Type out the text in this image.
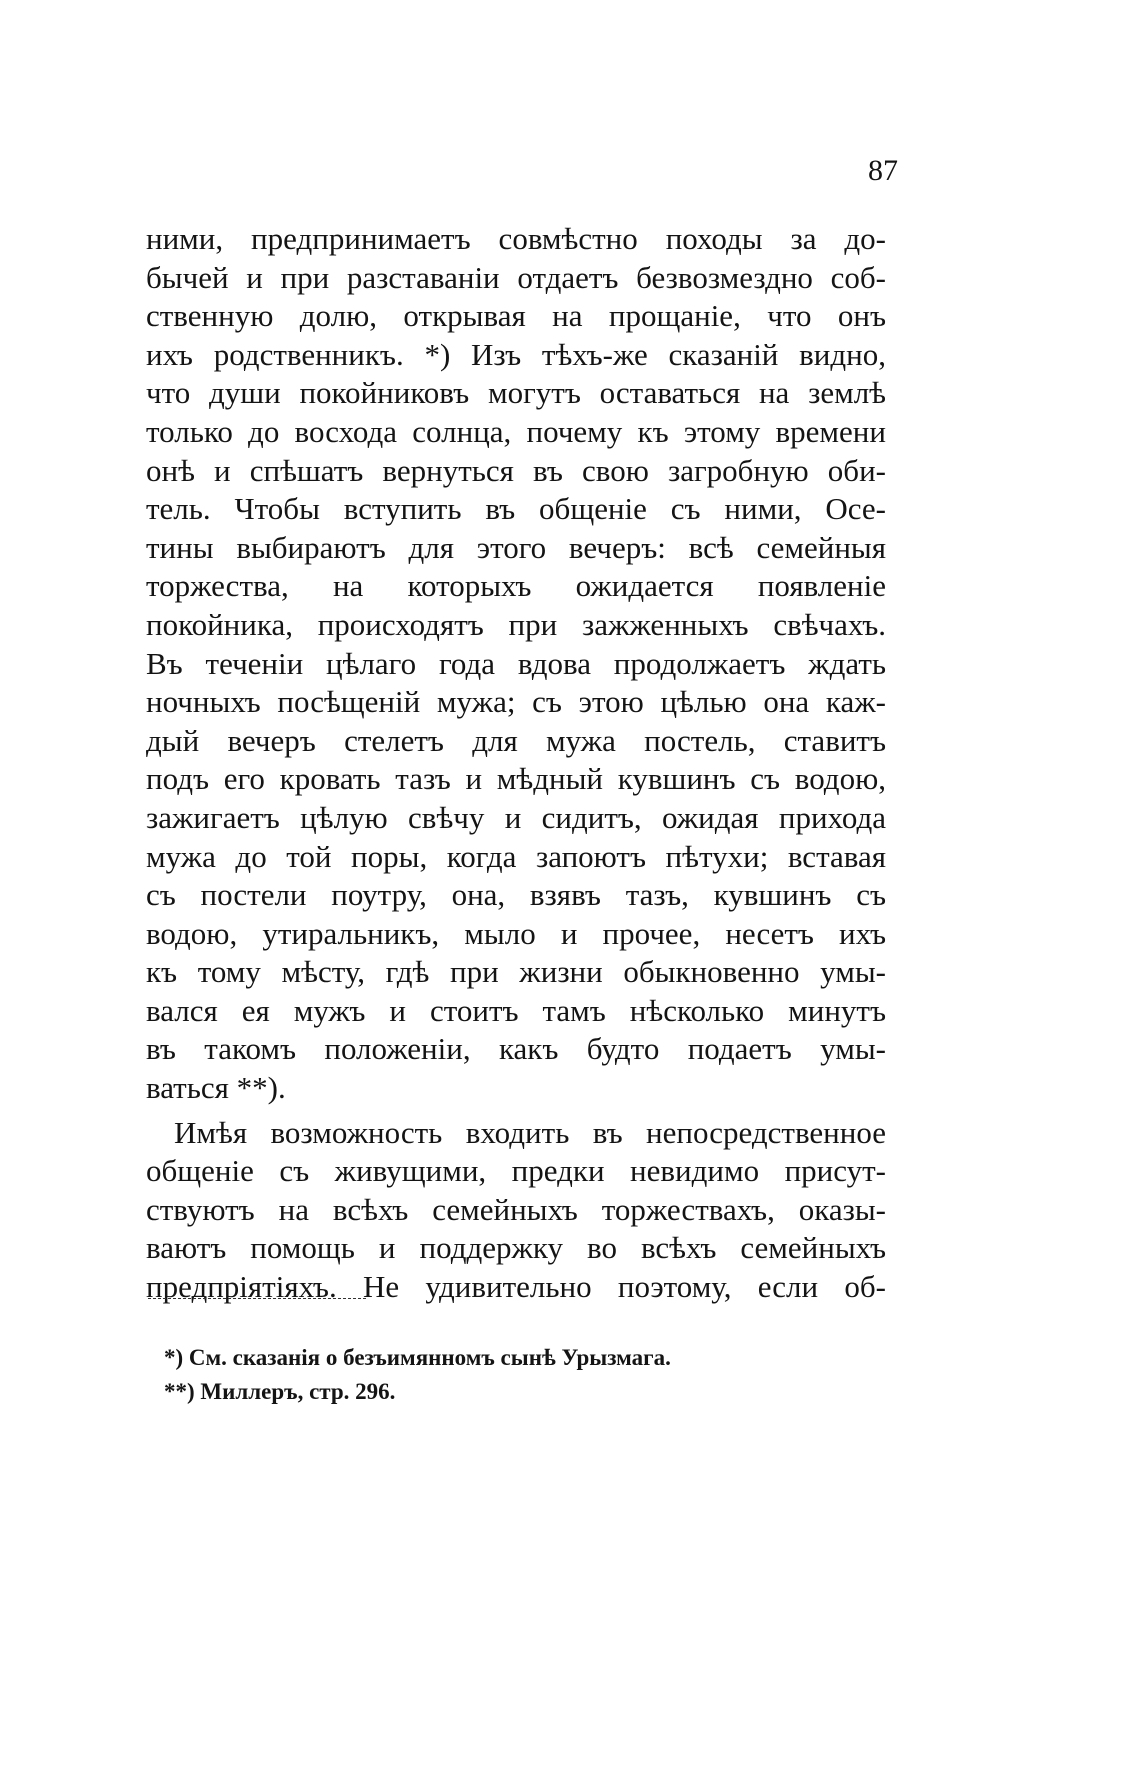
87
ними, предпринимаетъ совмѣстно походы за до-
бычей и при разставаніи отдаетъ безвозмездно соб-
ственную долю, открывая на прощаніе, что онъ
ихъ родственникъ. *) Изъ тѣхъ-же сказаній видно,
что души покойниковъ могутъ оставаться на землѣ
только до восхода солнца, почему къ этому времени
онѣ и спѣшатъ вернуться въ свою загробную оби-
тель. Чтобы вступить въ общеніе съ ними, Осе-
тины выбираютъ для этого вечеръ: всѣ семейныя
торжества, на которыхъ ожидается появленіе
покойника, происходятъ при зажженныхъ свѣчахъ.
Въ теченіи цѣлаго года вдова продолжаетъ ждать
ночныхъ посѣщеній мужа; съ этою цѣлью она каж-
дый вечеръ стелетъ для мужа постель, ставитъ
подъ его кровать тазъ и мѣдный кувшинъ съ водою,
зажигаетъ цѣлую свѣчу и сидитъ, ожидая прихода
мужа до той поры, когда запоютъ пѣтухи; вставая
съ постели поутру, она, взявъ тазъ, кувшинъ съ
водою, утиральникъ, мыло и прочее, несетъ ихъ
къ тому мѣсту, гдѣ при жизни обыкновенно умы-
вался ея мужъ и стоитъ тамъ нѣсколько минутъ
въ такомъ положеніи, какъ будто подаетъ умы-
ваться **).
Имѣя возможность входить въ непосредственное
общеніе съ живущими, предки невидимо присут-
ствуютъ на всѣхъ семейныхъ торжествахъ, оказы-
ваютъ помощь и поддержку во всѣхъ семейныхъ
предпріятіяхъ. Не удивительно поэтому, если об-
*) См. сказанія о безъимянномъ сынѣ Урызмага.
**) Миллеръ, стр. 296.
